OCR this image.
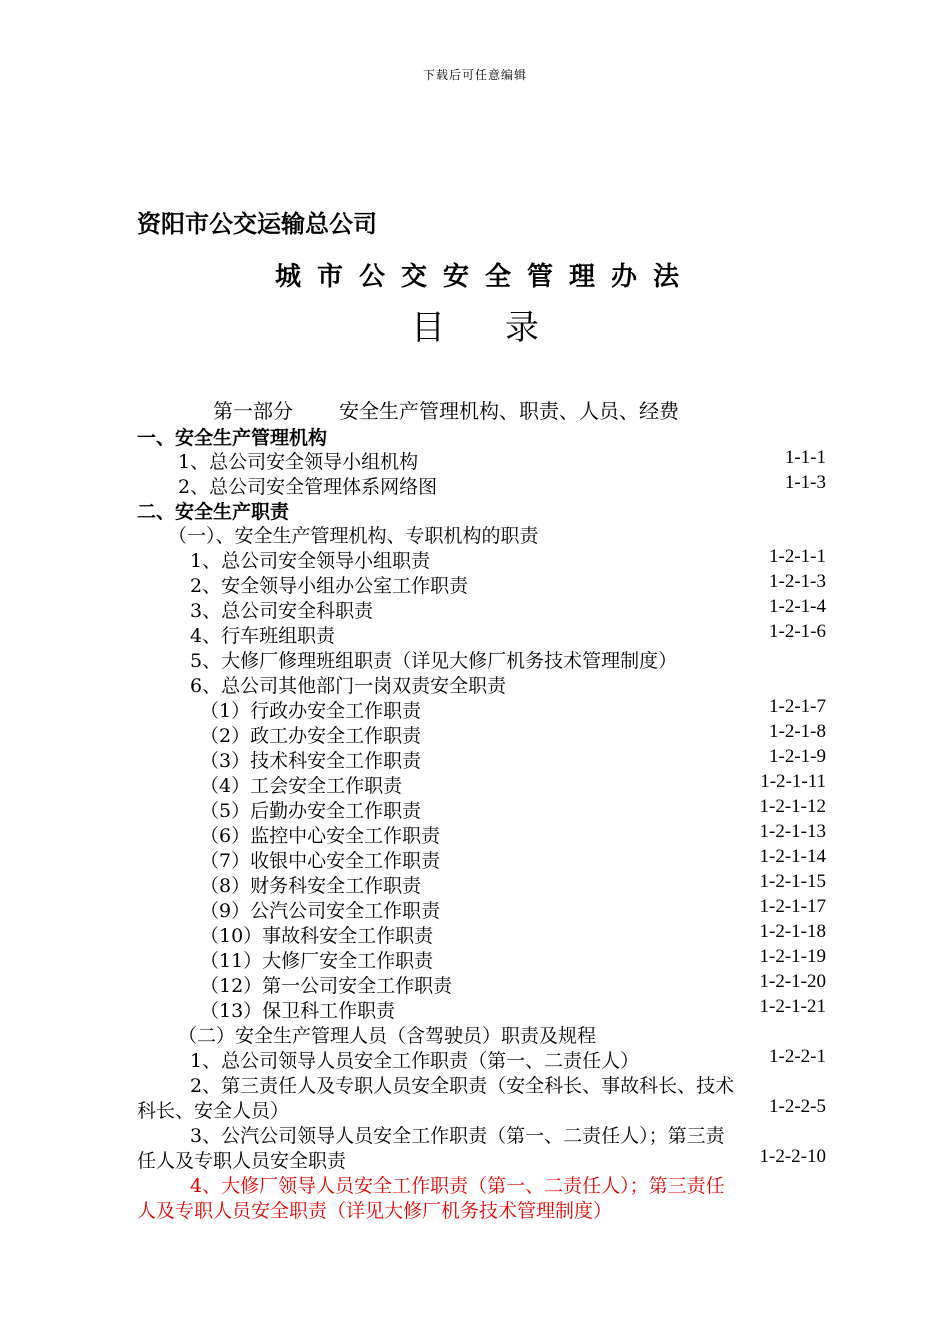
下载后可任意编辑
资阳市公交运输总公司
城市公交安全管理办法
目 录
第一部分 安全生产管理机构、职责、人员、经费
一、安全生产管理机构
1、总公司安全领导小组机构	1-1-1
2、总公司安全管理体系网络图	1-1-3
二、安全生产职责
（一）、安全生产管理机构、专职机构的职责
1、总公司安全领导小组职责	1-2-1-1
2、安全领导小组办公室工作职责	1-2-1-3
3、总公司安全科职责	1-2-1-4
4、行车班组职责	1-2-1-6
5、大修厂修理班组职责（详见大修厂机务技术管理制度）
6、总公司其他部门一岗双责安全职责
（1）行政办安全工作职责	1-2-1-7
（2）政工办安全工作职责	1-2-1-8
（3）技术科安全工作职责	1-2-1-9
（4）工会安全工作职责	1-2-1-11
（5）后勤办安全工作职责	1-2-1-12
（6）监控中心安全工作职责	1-2-1-13
（7）收银中心安全工作职责	1-2-1-14
（8）财务科安全工作职责	1-2-1-15
（9）公汽公司安全工作职责	1-2-1-17
（10）事故科安全工作职责	1-2-1-18
（11）大修厂安全工作职责	1-2-1-19
（12）第一公司安全工作职责	1-2-1-20
（13）保卫科工作职责	1-2-1-21
（二）安全生产管理人员（含驾驶员）职责及规程
1、总公司领导人员安全工作职责（第一、二责任人）	1-2-2-1
2、第三责任人及专职人员安全职责（安全科长、事故科长、技术
科长、安全人员）	1-2-2-5
3、公汽公司领导人员安全工作职责（第一、二责任人）；第三责
任人及专职人员安全职责	1-2-2-10
4、大修厂领导人员安全工作职责（第一、二责任人）；第三责任
人及专职人员安全职责（详见大修厂机务技术管理制度）
